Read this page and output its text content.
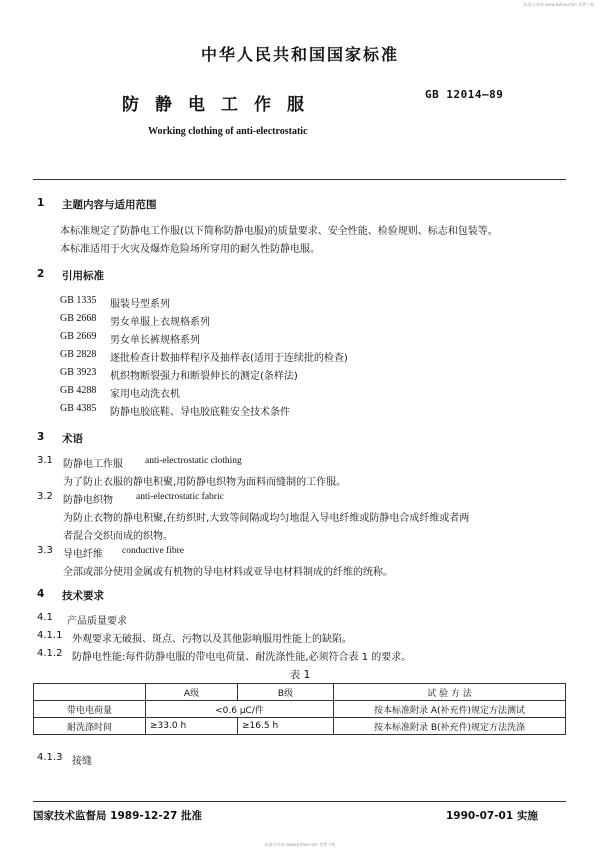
标准分享网 www.bzfxw.com 免费下载
中华人民共和国国家标准
防静电工作服
GB 12014—89
Working clothing of anti-electrostatic
1 主题内容与适用范围
本标准规定了防静电工作服(以下简称防静电服)的质量要求、安全性能、检验规则、标志和包装等。
本标准适用于火灾及爆炸危险场所穿用的耐久性防静电服。
2 引用标准
GB 1335 服装号型系列
GB 2668 男女单服上衣规格系列
GB 2669 男女单长裤规格系列
GB 2828 逐批检查计数抽样程序及抽样表(适用于连续批的检查)
GB 3923 机织物断裂强力和断裂伸长的测定(条样法)
GB 4288 家用电动洗衣机
GB 4385 防静电胶底鞋、导电胶底鞋安全技术条件
3 术语
3.1 防静电工作服 anti-electrostatic clothing
为了防止衣服的静电积聚,用防静电织物为面料而缝制的工作服。
3.2 防静电织物 anti-electrostatic fabric
为防止衣物的静电积聚,在纺织时,大致等间隔或均匀地混入导电纤维或防静电合成纤维或者两
者混合交织而成的织物。
3.3 导电纤维 conductive fibre
全部或部分使用金属或有机物的导电材料或亚导电材料制成的纤维的统称。
4 技术要求
4.1 产品质量要求
4.1.1 外观要求无破损、斑点、污物以及其他影响服用性能上的缺陷。
4.1.2 防静电性能:每件防静电服的带电电荷量、耐洗涤性能,必须符合表 1 的要求。
表 1
	A级	B级	试 验 方 法
带电电荷量	<0.6 μC/件		按本标准附录 A(补充件)规定方法测试
耐洗涤时间	≥33.0 h	≥16.5 h	按本标准附录 B(补充件)规定方法洗涤
4.1.3 接缝
国家技术监督局 1989-12-27 批准	1990-07-01 实施
标准分享网 www.bzfxw.com 免费下载
